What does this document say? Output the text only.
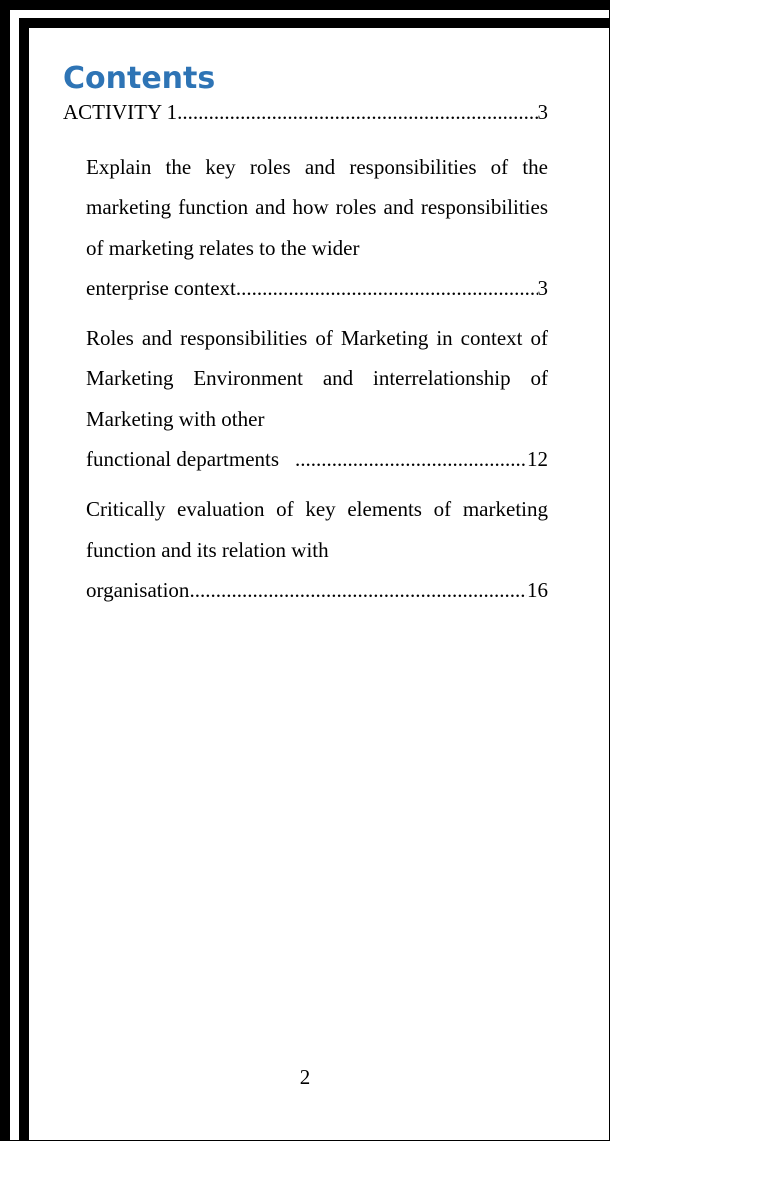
Contents
ACTIVITY 1 .....	3
Explain the key roles and responsibilities of the marketing function and how roles and responsibilities of marketing relates to the wider
enterprise context .....	3
Roles and responsibilities of Marketing in context of Marketing Environment and interrelationship of Marketing with other
functional departments .....	12
Critically evaluation of key elements of marketing function and its relation with
organisation .....	16
2
